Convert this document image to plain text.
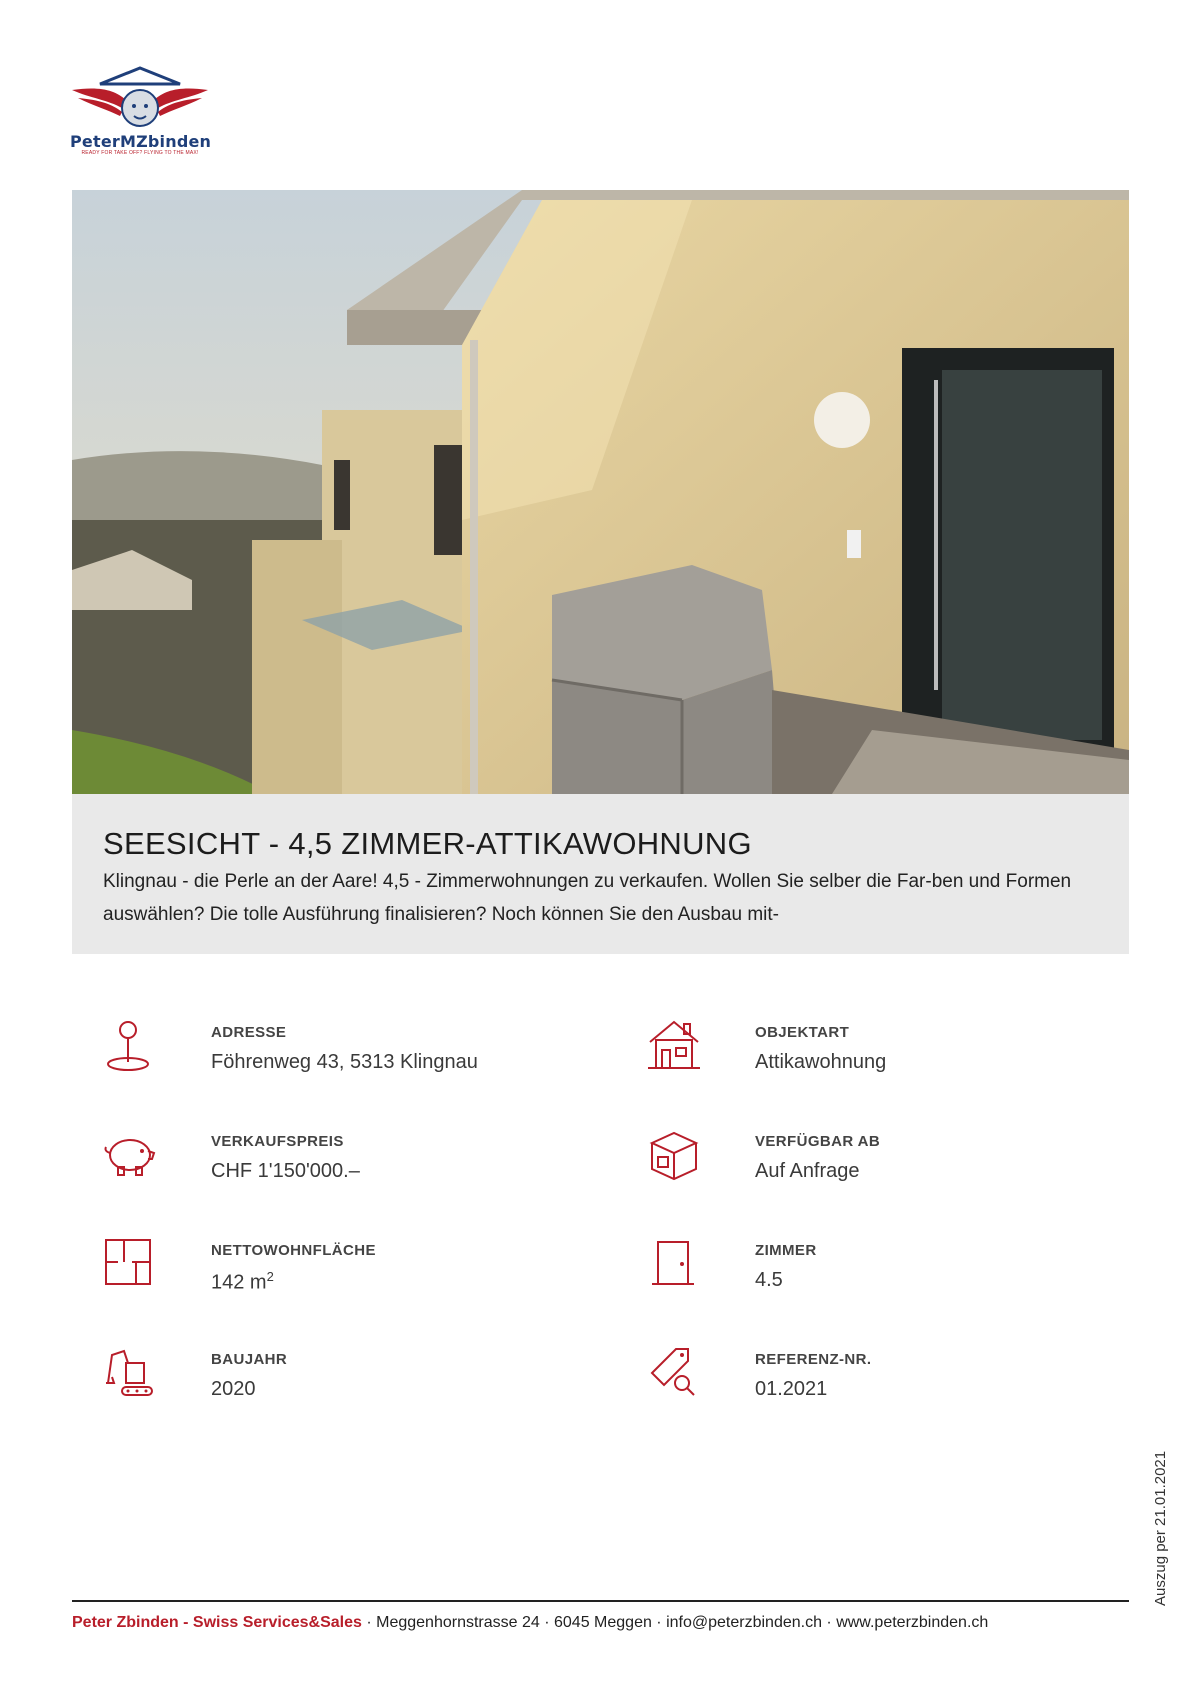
PeterMZbinden
READY FOR TAKE OFF? FLYING TO THE MAX!
SEESICHT - 4,5 ZIMMER-ATTIKAWOHNUNG
Klingnau - die Perle an der Aare! 4,5 - Zimmerwohnungen zu verkaufen. Wollen Sie selber die Far-ben und Formen auswählen? Die tolle Ausführung finalisieren? Noch können Sie den Ausbau mit-
ADRESSE
Föhrenweg 43, 5313 Klingnau
OBJEKTART
Attikawohnung
VERKAUFSPREIS
CHF 1'150'000.–
VERFÜGBAR AB
Auf Anfrage
NETTOWOHNFLÄCHE
142 $m^2$
ZIMMER
4.5
BAUJAHR
2020
REFERENZ-NR.
01.2021
Auszug per 21.01.2021
Peter Zbinden - Swiss Services&Sales · Meggenhornstrasse 24 · 6045 Meggen · info@peterzbinden.ch · www.peterzbinden.ch
